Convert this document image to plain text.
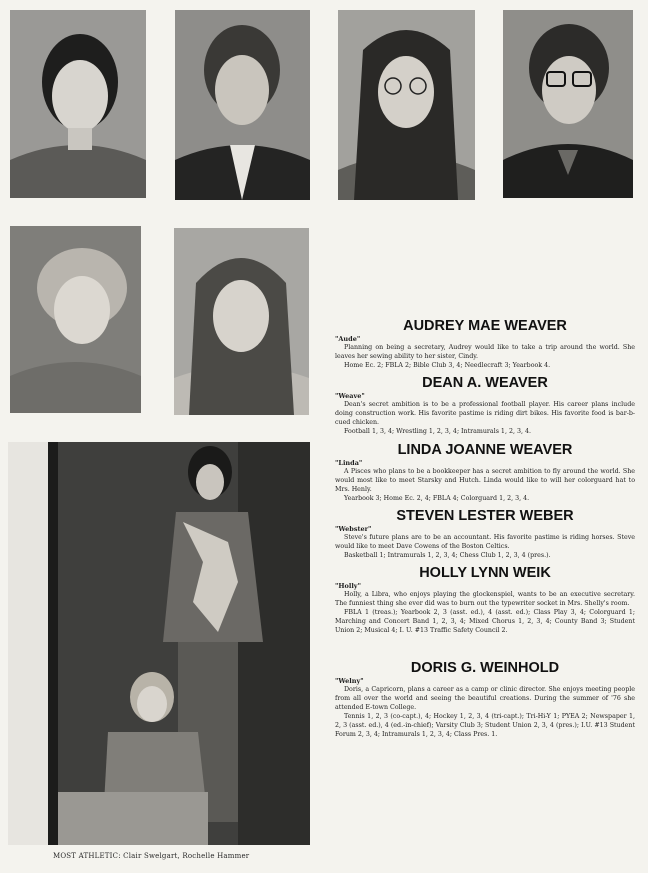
MOST ATHLETIC: Clair Swelgart, Rochelle Hammer

AUDREY MAE WEAVER

"Aude"

Planning on being a secretary, Audrey would like to take a trip around the world. She leaves her sewing ability to her sister, Cindy.

Home Ec. 2; FBLA 2; Bible Club 3, 4; Needlecraft 3; Yearbook 4.

DEAN A. WEAVER

"Weave"

Dean's secret ambition is to be a professional football player. His career plans include doing construction work. His favorite pastime is riding dirt bikes. His favorite food is bar-b-cued chicken.

Football 1, 3, 4; Wrestling 1, 2, 3, 4; Intramurals 1, 2, 3, 4.

LINDA JOANNE WEAVER

"Linda"

A Pisces who plans to be a bookkeeper has a secret ambition to fly around the world. She would most like to meet Starsky and Hutch. Linda would like to will her colorguard hat to Mrs. Henly.

Yearbook 3; Home Ec. 2, 4; FBLA 4; Colorguard 1, 2, 3, 4.

STEVEN LESTER WEBER

"Webster"

Steve's future plans are to be an accountant. His favorite pastime is riding horses. Steve would like to meet Dave Cowens of the Boston Celtics.

Basketball 1; Intramurals 1, 2, 3, 4; Chess Club 1, 2, 3, 4 (pres.).

HOLLY LYNN WEIK

"Holly"

Holly, a Libra, who enjoys playing the glockenspiel, wants to be an executive secretary. The funniest thing she ever did was to burn out the typewriter socket in Mrs. Shelly's room.

FBLA 1 (treas.); Yearbook 2, 3 (asst. ed.), 4 (asst. ed.); Class Play 3, 4; Colorguard 1; Marching and Concert Band 1, 2, 3, 4; Mixed Chorus 1, 2, 3, 4; County Band 3; Student Union 2; Musical 4; I. U. #13 Traffic Safety Council 2.

DORIS G. WEINHOLD

"Welny"

Doris, a Capricorn, plans a career as a camp or clinic director. She enjoys meeting people from all over the world and seeing the beautiful creations. During the summer of '76 she attended E-town College.

Tennis 1, 2, 3 (co-capt.), 4; Hockey 1, 2, 3, 4 (tri-capt.); Tri-Hi-Y 1; PYEA 2; Newspaper 1, 2, 3 (asst. ed.), 4 (ed.-in-chief); Varsity Club 3; Student Union 2, 3, 4 (pres.); I.U. #13 Student Forum 2, 3, 4; Intramurals 1, 2, 3, 4; Class Pres. 1.
